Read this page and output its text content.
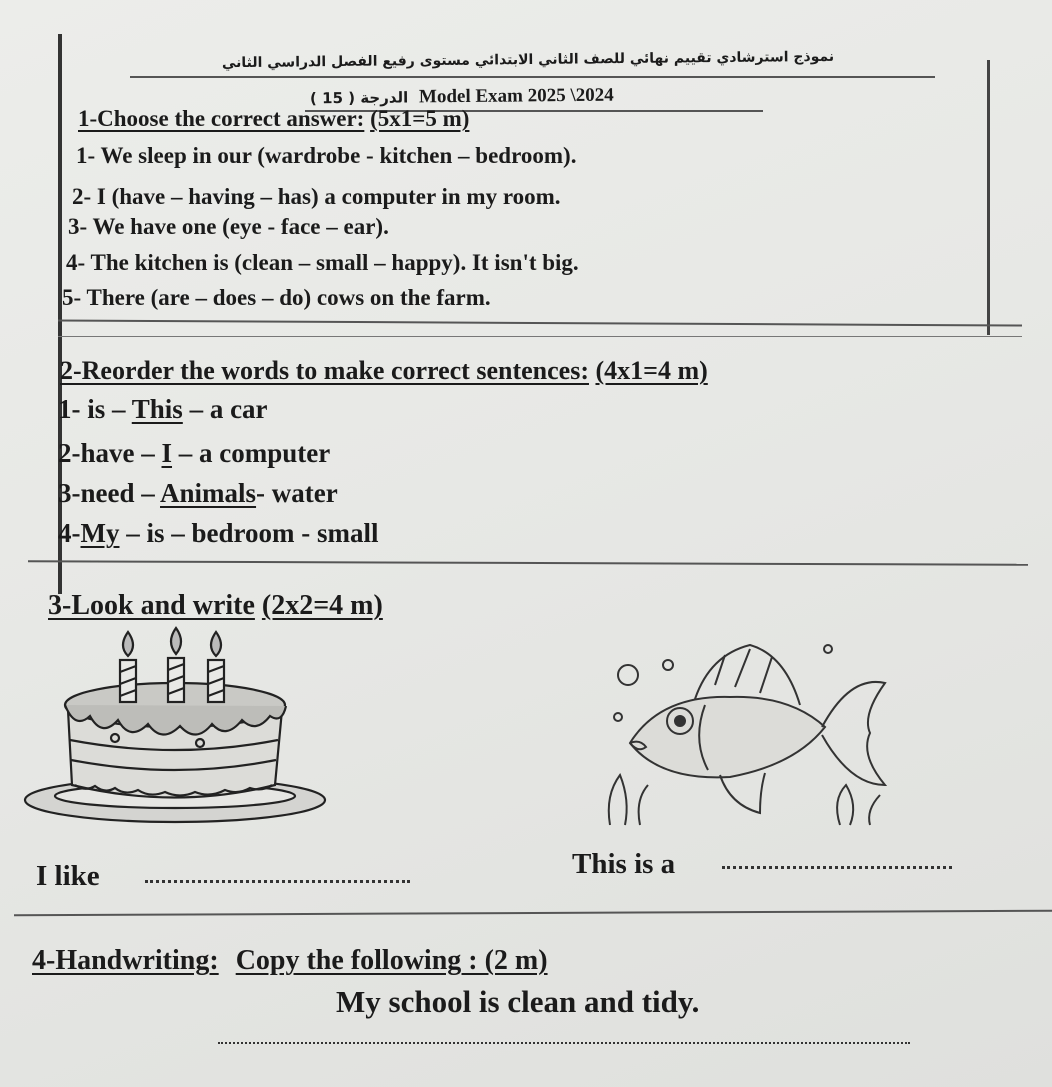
نموذج استرشادي تقييم نهائي للصف الثاني الابتدائي مستوى رفيع الفصل الدراسي الثاني
( 15 ) الدرجة Model Exam 2025 \2024
1-Choose the correct answer: (5x1=5 m)
1- We sleep in our (wardrobe - kitchen – bedroom).
2- I (have – having – has) a computer in my room.
3- We have one (eye - face – ear).
4- The kitchen is (clean – small – happy). It isn't big.
5- There (are – does – do) cows on the farm.
2-Reorder the words to make correct sentences: (4x1=4 m)
1- is – This – a car
2-have – I – a computer
3-need – Animals- water
4-My – is – bedroom - small
3-Look and write (2x2=4 m)
I like	This is a
4-Handwriting: Copy the following : (2 m)
My school is clean and tidy.
